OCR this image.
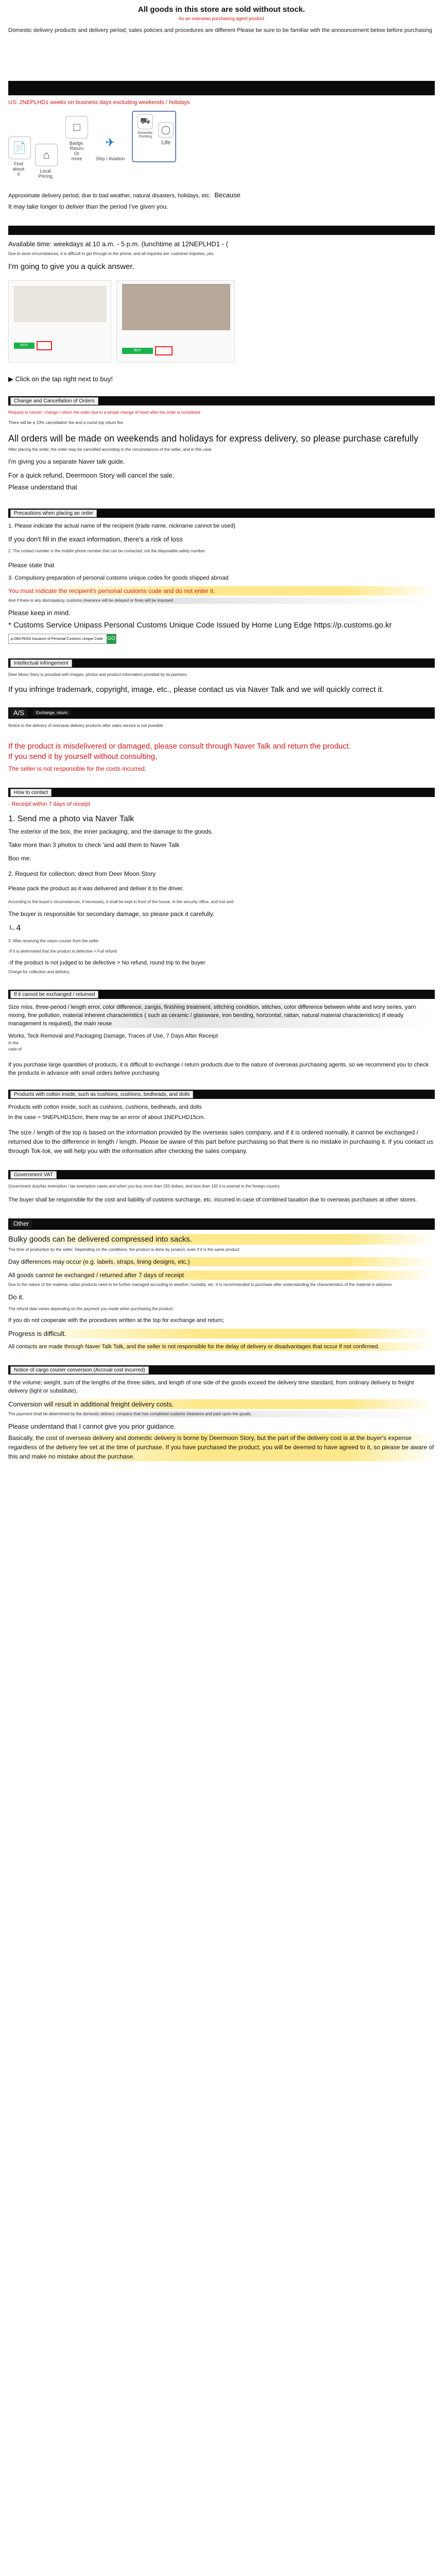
All goods in this store are sold without stock.
As an overseas purchasing agent product
Domestic delivery products and delivery period, sales policies and procedures are different Please be sure to be familiar with the announcement below before purchasing
US: 2NEPLHD1 weeks on business days excluding weekends / holidays
📄
Find
about
it
⌂
Local
Pricing
□
Badge.
Return
Or
more
✈
Ship / Aviation
⛟
Domestic
Pointing
◯
Life
Approximate delivery period, due to bad weather, natural disasters, holidays, etc. Because
It may take longer to deliver than the period I've given you.
Available time: weekdays at 10 a.m. - 5 p.m. (lunchtime at 12NEPLHD1 - (
Due to store circumstances, it is difficult to get through to the phone, and all inquiries are 'customer inquiries, yes.
I'm going to give you a quick answer.
BUY
BUY
▶ Click on the tap right next to buy!
Change and Cancellation of Orders
Request to cancel / change / return the order due to a simple change of heart after the order is completed
There will be a 10% cancellation fee and a round trip return fee.
All orders will be made on weekends and holidays for express delivery, so please purchase carefully
After placing the order, the order may be cancelled according to the circumstances of the seller, and in this case
I'm giving you a separate Naver talk guide.
For a quick refund, Deermoon Story will cancel the sale.
Please understand that
Precautions when placing an order
1. Please indicate the actual name of the recipient (trade name, nickname cannot be used)
If you don't fill in the exact information, there's a risk of loss
2. The contact number is the mobile phone number that can be contacted, not the disposable safety number.
Please state that
3. Compulsory preparation of personal customs unique codes for goods shipped abroad
You must indicate the recipient's personal customs code and do not enter it.
And if there is any discrepancy, customs clearance will be delayed or fines will be imposed
Please keep in mind.
* Customs Service Unipass Personal Customs Unique Code Issued by Home Lung Edge https://p.customs.go.kr
p.OMI PASS Issuance of Personal Customs Unique Code GO
Intellectual infringement
Deer Moon Story is provided with images, photos and product information provided by its partners.
If you infringe trademark, copyright, image, etc., please contact us via Naver Talk and we will quickly correct it.
A/S	Exchange, return
Notice to the delivery of overseas delivery products after sales service is not possible
If the product is misdelivered or damaged, please consult through Naver Talk and return the product.
If you send it by yourself without consulting,
The seller is not responsible for the costs incurred.
How to contact
- Receipt within 7 days of receipt
1. Send me a photo via Naver Talk
The exterior of the box, the inner packaging, and the damage to the goods.
Take more than 3 photos to check 'and add them to Naver Talk
Boo me.
2. Request for collection: direct from Deer Moon Story
Please pack the product as it was delivered and deliver it to the driver.
According to the buyer's circumstances, if necessary, it shall be kept in front of the house, in the security office, and lost and
The buyer is responsible for secondary damage, so please pack it carefully.
ㄴ4
3. After receiving the return courier from the seller
-If it is determined that the product is defective > Full refund
-If the product is not judged to be defective > No refund, round trip to the buyer
Charge for collection and delivery
If it cannot be exchanged / returned
Size miss, three-period / length error, color difference, zangis, finishing treatment, stitching condition, stitches, color difference between white and ivory series, yarn mixing, fine pollution, material inherent characteristics ( such as ceramic / glassware, iron bending, horizontal, rattan, natural material characteristics) If steady management is required), the main reuse
Works, Teck Removal and Packaging Damage, Traces of Use, 7 Days After Receipt
In the
case of
If you purchase large quantities of products, it is difficult to exchange / return products due to the nature of overseas purchasing agents, so we recommend you to check the products in advance with small orders before purchasing
Products with cotton inside, such as cushions, cushions, bedheads, and dolls
Products with cotton inside, such as cushions, cushions, bedheads, and dolls
In the case = 5NEPLHD15cm, there may be an error of about 1NEPLHD15cm.
The size / length of the top is based on the information provided by the overseas sales company, and if it is ordered normally, it cannot be exchanged / returned due to the difference in length / length. Please be aware of this part before purchasing so that there is no mistake in purchasing it. If you contact us through Tok-tok, we will help you with the information after checking the sales company.
Government VAT
Government duty/tax exemption / tax exemption cases and when you buy more than 150 dollars, and less than 150 it is exempt in the foreign country.
The buyer shall be responsible for the cost and liability of customs surcharge, etc. incurred in case of combined taxation due to overseas purchases at other stores.
Other
Bulky goods can be delivered compressed into sacks.
The time of production by the seller. Depending on the conditions, the product is done by product, even if it is the same product
Day differences may occur (e.g. labels, straps, lining designs, etc.)
All goods cannot be exchanged / returned after 7 days of receipt
Due to the nature of the material, rattan products need to be further managed according to weather, humidity, etc. It is recommended to purchase after understanding the characteristics of the material in advance
Do it.
The refund date varies depending on the payment you made when purchasing the product.
If you do not cooperate with the procedures written at the top for exchange and return;
Progress is difficult.
All contacts are made through Naver Talk Talk, and the seller is not responsible for the delay of delivery or disadvantages that occur if not confirmed.
Notice of cargo courier conversion (Accrual cost incurred)
If the volume; weight, sum of the lengths of the three sides, and length of one side of the goods exceed the delivery time standard, from ordinary delivery to freight delivery (light or substitute),
Conversion will result in additional freight delivery costs.
The payment shall be determined by the domestic delivery company that has completed customs clearance and paid upon the goods.
Please understand that I cannot give you prior guidance.
Basically, the cost of overseas delivery and domestic delivery is borne by Deermoon Story, but the part of the delivery cost is at the buyer's expense regardless of the delivery fee set at the time of purchase. If you have purchased the product, you will be deemed to have agreed to it, so please be aware of this and make no mistake about the purchase.
